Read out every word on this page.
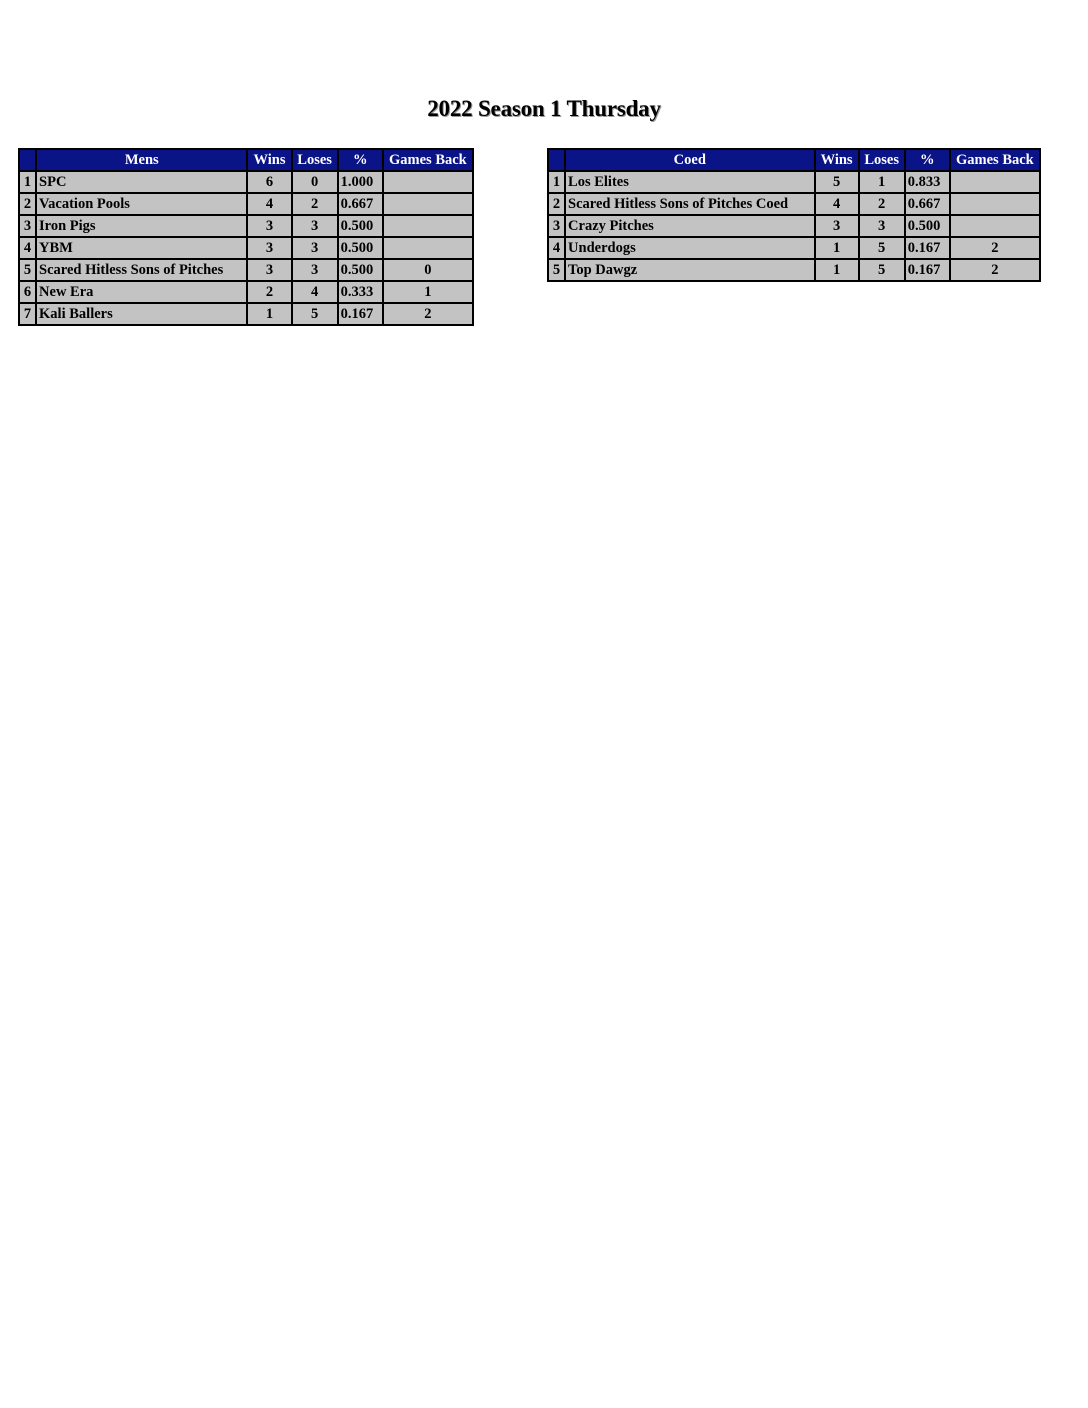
2022 Season 1 Thursday
	Mens	Wins	Loses	%	Games Back
1	SPC	6	0	1.000	
2	Vacation Pools	4	2	0.667	
3	Iron Pigs	3	3	0.500	
4	YBM	3	3	0.500	
5	Scared Hitless Sons of Pitches	3	3	0.500	0
6	New Era	2	4	0.333	1
7	Kali Ballers	1	5	0.167	2
	Coed	Wins	Loses	%	Games Back
1	Los Elites	5	1	0.833	
2	Scared Hitless Sons of Pitches Coed	4	2	0.667	
3	Crazy Pitches	3	3	0.500	
4	Underdogs	1	5	0.167	2
5	Top Dawgz	1	5	0.167	2
